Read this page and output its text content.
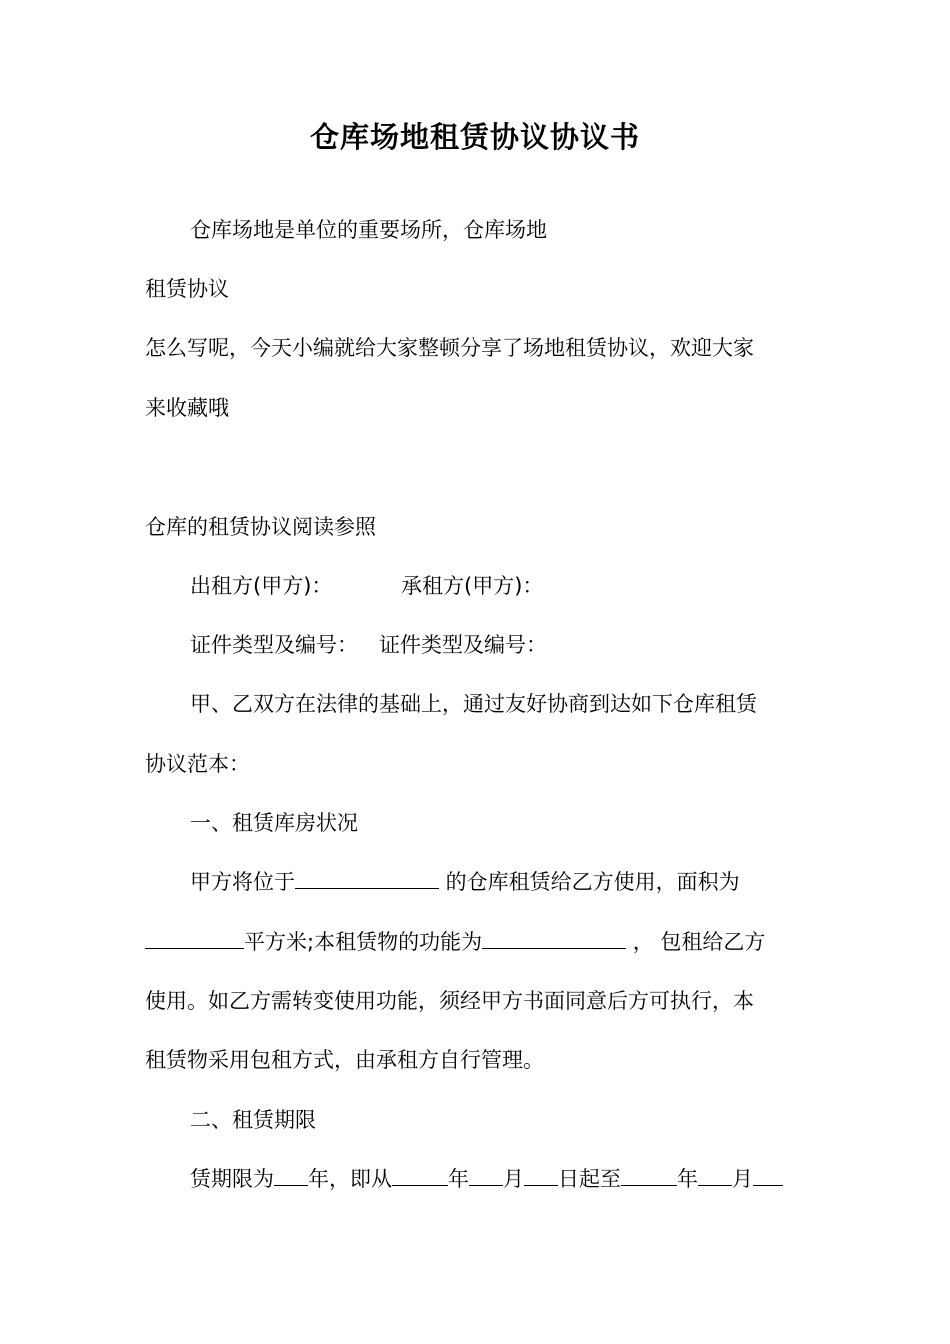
仓库场地租赁协议协议书
仓库场地是单位的重要场所，仓库场地
租赁协议
怎么写呢，今天小编就给大家整顿分享了场地租赁协议，欢迎大家
来收藏哦
仓库的租赁协议阅读参照
出租方(甲方)：	承租方(甲方)：
证件类型及编号： 证件类型及编号：
甲、乙双方在法律的基础上，通过友好协商到达如下仓库租赁
协议范本：
一、租赁库房状况
甲方将位于	的仓库租赁给乙方使用，面积为
平方米;本租赁物的功能为	， 包租给乙方
使用。如乙方需转变使用功能，须经甲方书面同意后方可执行，本
租赁物采用包租方式，由承租方自行管理。
二、租赁期限
赁期限为 年，即从	年 月 日起至	年 月
